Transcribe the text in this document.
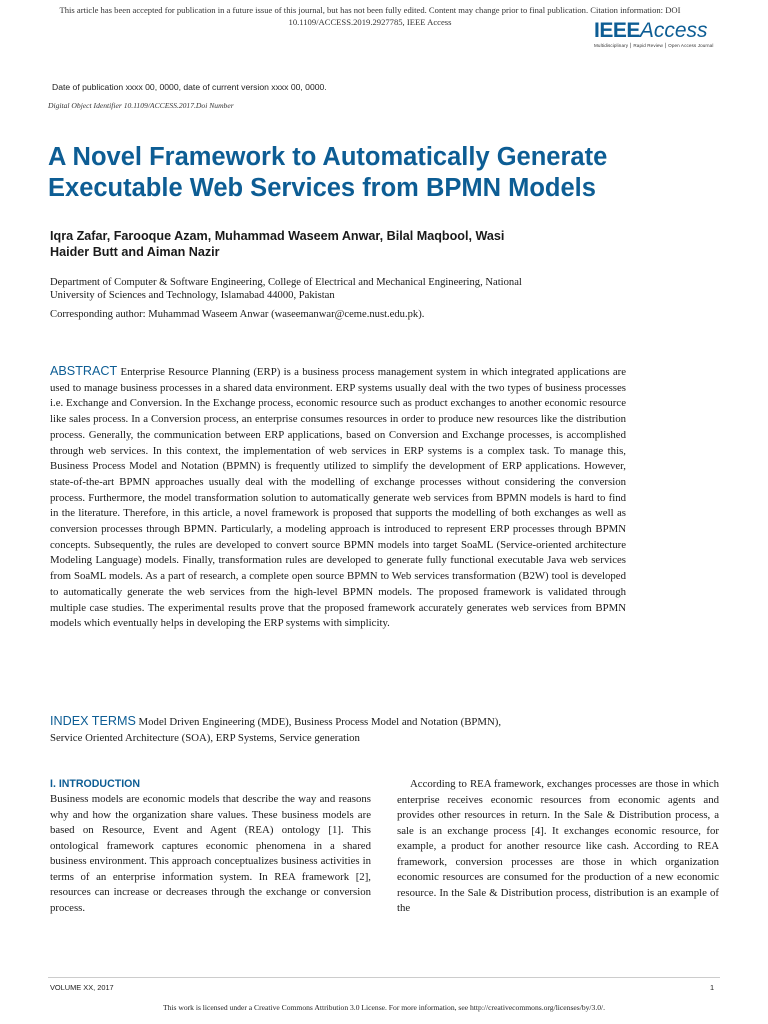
This article has been accepted for publication in a future issue of this journal, but has not been fully edited. Content may change prior to final publication. Citation information: DOI
10.1109/ACCESS.2019.2927785, IEEE Access	IEEEAccess
Multidisciplinary ⎮ Rapid Review ⎮ Open Access Journal
Date of publication xxxx 00, 0000, date of current version xxxx 00, 0000.
Digital Object Identifier 10.1109/ACCESS.2017.Doi Number
A Novel Framework to Automatically Generate
Executable Web Services from BPMN Models
Iqra Zafar, Farooque Azam, Muhammad Waseem Anwar, Bilal Maqbool, Wasi
Haider Butt and Aiman Nazir
Department of Computer & Software Engineering, College of Electrical and Mechanical Engineering, National
University of Sciences and Technology, Islamabad 44000, Pakistan
Corresponding author: Muhammad Waseem Anwar (waseemanwar@ceme.nust.edu.pk).
ABSTRACT Enterprise Resource Planning (ERP) is a business process management system in which integrated applications are used to manage business processes in a shared data environment. ERP systems usually deal with the two types of business processes i.e. Exchange and Conversion. In the Exchange process, economic resource such as product exchanges to another economic resource like sales process. In a Conversion process, an enterprise consumes resources in order to produce new resources like the distribution process. Generally, the communication between ERP applications, based on Conversion and Exchange processes, is accomplished through web services. In this context, the implementation of web services in ERP systems is a complex task. To manage this, Business Process Model and Notation (BPMN) is frequently utilized to simplify the development of ERP applications. However, state-of-the-art BPMN approaches usually deal with the modelling of exchange processes without considering the conversion process. Furthermore, the model transformation solution to automatically generate web services from BPMN models is hard to find in the literature. Therefore, in this article, a novel framework is proposed that supports the modelling of both exchanges as well as conversion processes through BPMN. Particularly, a modeling approach is introduced to represent ERP processes through BPMN concepts. Subsequently, the rules are developed to convert source BPMN models into target SoaML (Service-oriented architecture Modeling Language) models. Finally, transformation rules are developed to generate fully functional executable Java web services from SoaML models. As a part of research, a complete open source BPMN to Web services transformation (B2W) tool is developed to automatically generate the web services from the high-level BPMN models. The proposed framework is validated through multiple case studies. The experimental results prove that the proposed framework accurately generates web services from BPMN models which eventually helps in developing the ERP systems with simplicity.
INDEX TERMS Model Driven Engineering (MDE), Business Process Model and Notation (BPMN),
Service Oriented Architecture (SOA), ERP Systems, Service generation
I. INTRODUCTION

Business models are economic models that describe the way and reasons why and how the organization share values. These business models are based on Resource, Event and Agent (REA) ontology [1]. This ontological framework captures economic phenomena in a shared business environment. This approach conceptualizes business activities in terms of an enterprise information system. In REA framework [2], resources can increase or decreases through the exchange or conversion process.

According to REA framework, exchanges processes are those in which enterprise receives economic resources from economic agents and provides other resources in return. In the Sale & Distribution process, a sale is an exchange process [4]. It exchanges economic resource, for example, a product for another resource like cash. According to REA framework, conversion processes are those in which organization economic resources are consumed for the production of a new economic resource. In the Sale & Distribution process, distribution is an example of the

VOLUME XX, 2017	1
This work is licensed under a Creative Commons Attribution 3.0 License. For more information, see http://creativecommons.org/licenses/by/3.0/.
